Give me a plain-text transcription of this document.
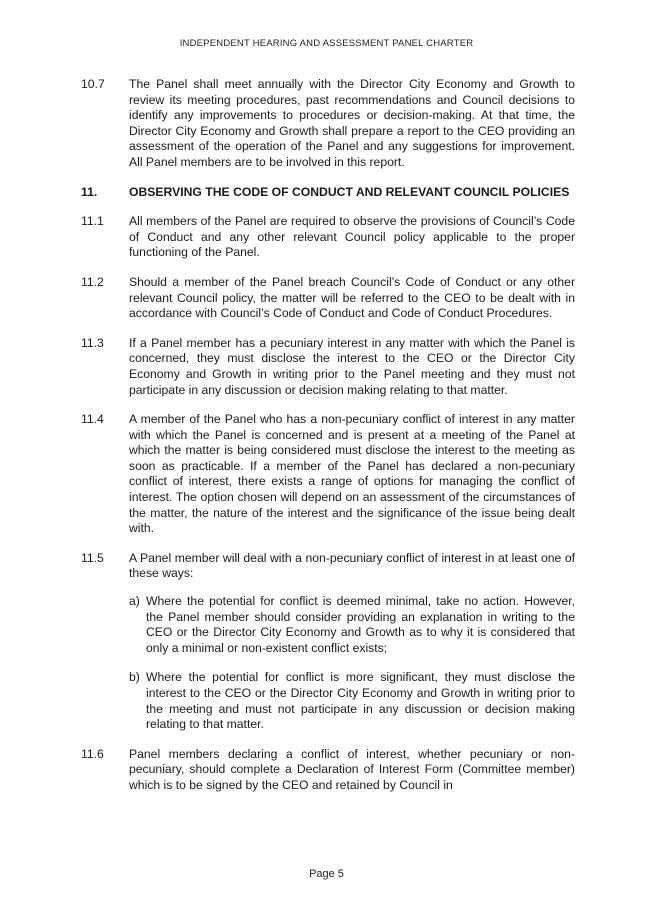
INDEPENDENT HEARING AND ASSESSMENT PANEL CHARTER
10.7	The Panel shall meet annually with the Director City Economy and Growth to review its meeting procedures, past recommendations and Council decisions to identify any improvements to procedures or decision-making. At that time, the Director City Economy and Growth shall prepare a report to the CEO providing an assessment of the operation of the Panel and any suggestions for improvement. All Panel members are to be involved in this report.
11.	OBSERVING THE CODE OF CONDUCT AND RELEVANT COUNCIL POLICIES
11.1	All members of the Panel are required to observe the provisions of Council’s Code of Conduct and any other relevant Council policy applicable to the proper functioning of the Panel.
11.2	Should a member of the Panel breach Council’s Code of Conduct or any other relevant Council policy, the matter will be referred to the CEO to be dealt with in accordance with Council’s Code of Conduct and Code of Conduct Procedures.
11.3	If a Panel member has a pecuniary interest in any matter with which the Panel is concerned, they must disclose the interest to the CEO or the Director City Economy and Growth in writing prior to the Panel meeting and they must not participate in any discussion or decision making relating to that matter.
11.4	A member of the Panel who has a non-pecuniary conflict of interest in any matter with which the Panel is concerned and is present at a meeting of the Panel at which the matter is being considered must disclose the interest to the meeting as soon as practicable. If a member of the Panel has declared a non-pecuniary conflict of interest, there exists a range of options for managing the conflict of interest. The option chosen will depend on an assessment of the circumstances of the matter, the nature of the interest and the significance of the issue being dealt with.
11.5	A Panel member will deal with a non-pecuniary conflict of interest in at least one of these ways:
a) Where the potential for conflict is deemed minimal, take no action. However, the Panel member should consider providing an explanation in writing to the CEO or the Director City Economy and Growth as to why it is considered that only a minimal or non-existent conflict exists;
b) Where the potential for conflict is more significant, they must disclose the interest to the CEO or the Director City Economy and Growth in writing prior to the meeting and must not participate in any discussion or decision making relating to that matter.
11.6	Panel members declaring a conflict of interest, whether pecuniary or non-pecuniary, should complete a Declaration of Interest Form (Committee member) which is to be signed by the CEO and retained by Council in
Page 5
